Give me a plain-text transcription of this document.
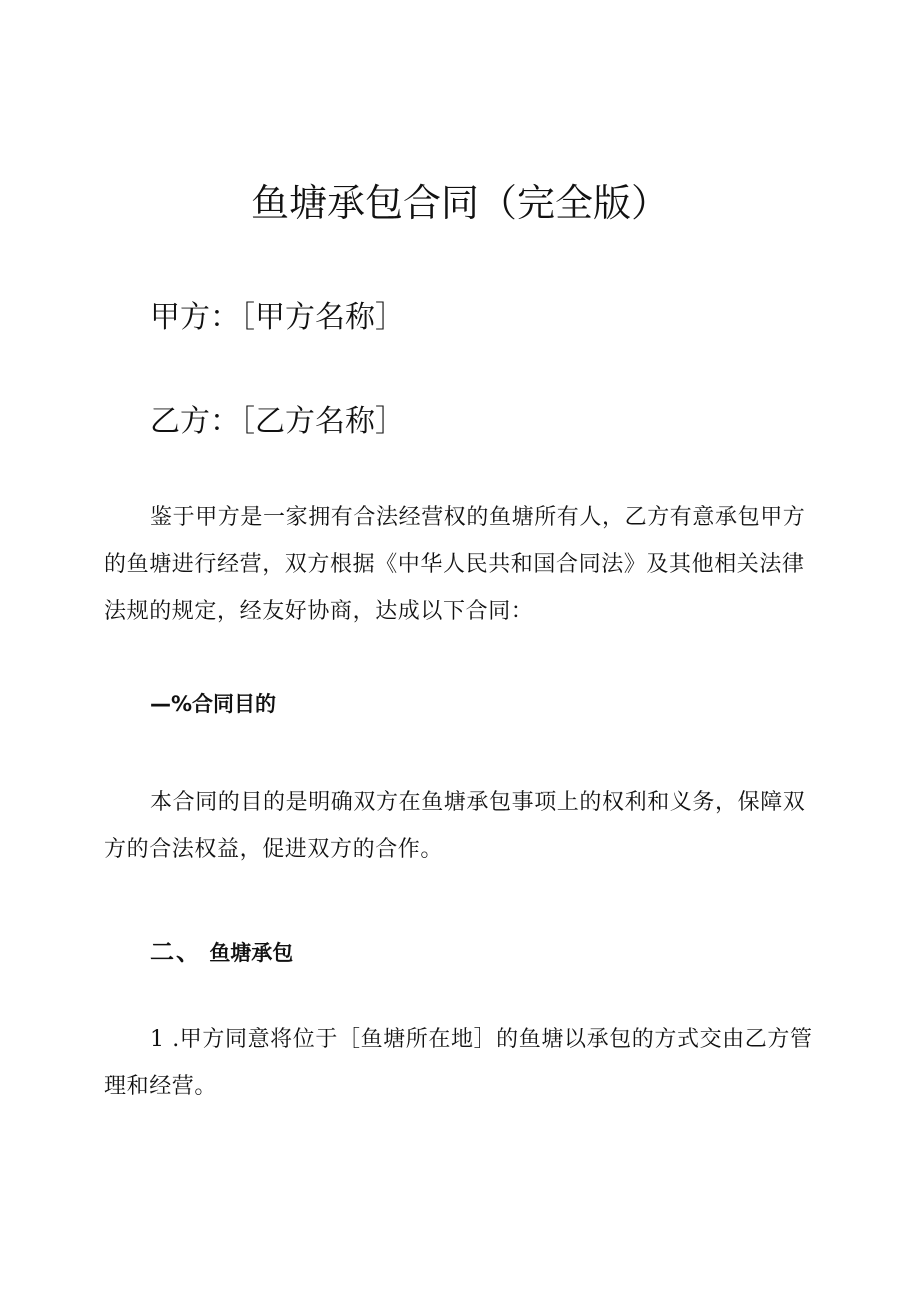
鱼塘承包合同（完全版）

甲方：［甲方名称］

乙方：［乙方名称］

鉴于甲方是一家拥有合法经营权的鱼塘所有人，乙方有意承包甲方的鱼塘进行经营，双方根据《中华人民共和国合同法》及其他相关法律法规的规定，经友好协商，达成以下合同：

—%合同目的

本合同的目的是明确双方在鱼塘承包事项上的权利和义务，保障双方的合法权益，促进双方的合作。

二、 鱼塘承包

1 .甲方同意将位于［鱼塘所在地］的鱼塘以承包的方式交由乙方管理和经营。
